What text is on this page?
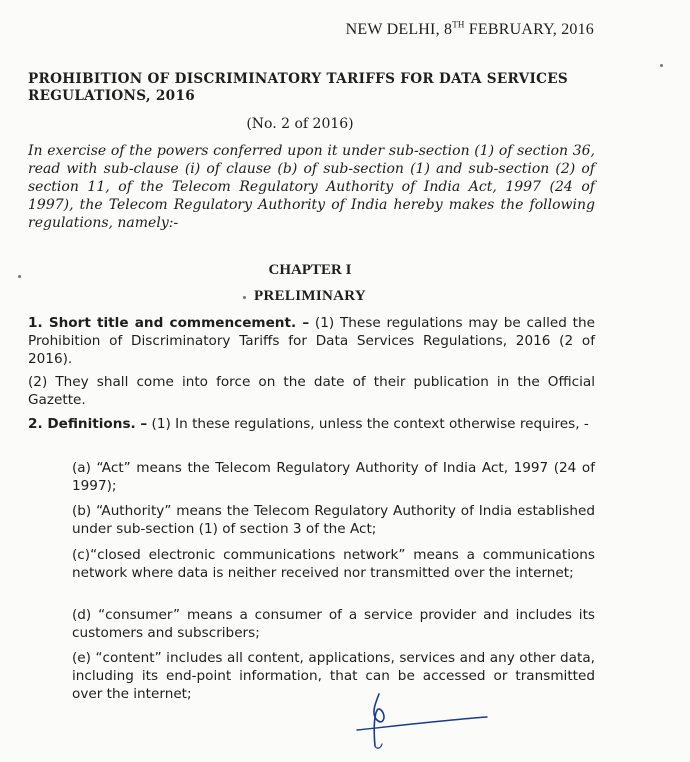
NEW DELHI, 8TH FEBRUARY, 2016

PROHIBITION OF DISCRIMINATORY TARIFFS FOR DATA SERVICES REGULATIONS, 2016

(No. 2 of 2016)

In exercise of the powers conferred upon it under sub-section (1) of section 36, read with sub-clause (i) of clause (b) of sub-section (1) and sub-section (2) of section 11, of the Telecom Regulatory Authority of India Act, 1997 (24 of 1997), the Telecom Regulatory Authority of India hereby makes the following regulations, namely:-

CHAPTER I

PRELIMINARY

1. Short title and commencement. – (1) These regulations may be called the Prohibition of Discriminatory Tariffs for Data Services Regulations, 2016 (2 of 2016).

(2) They shall come into force on the date of their publication in the Official Gazette.

2. Definitions. – (1) In these regulations, unless the context otherwise requires, -

(a) “Act” means the Telecom Regulatory Authority of India Act, 1997 (24 of 1997);

(b) “Authority” means the Telecom Regulatory Authority of India established under sub-section (1) of section 3 of the Act;

(c)“closed electronic communications network” means a communications network where data is neither received nor transmitted over the internet;

(d) “consumer” means a consumer of a service provider and includes its customers and subscribers;

(e) “content” includes all content, applications, services and any other data, including its end-point information, that can be accessed or transmitted over the internet;
